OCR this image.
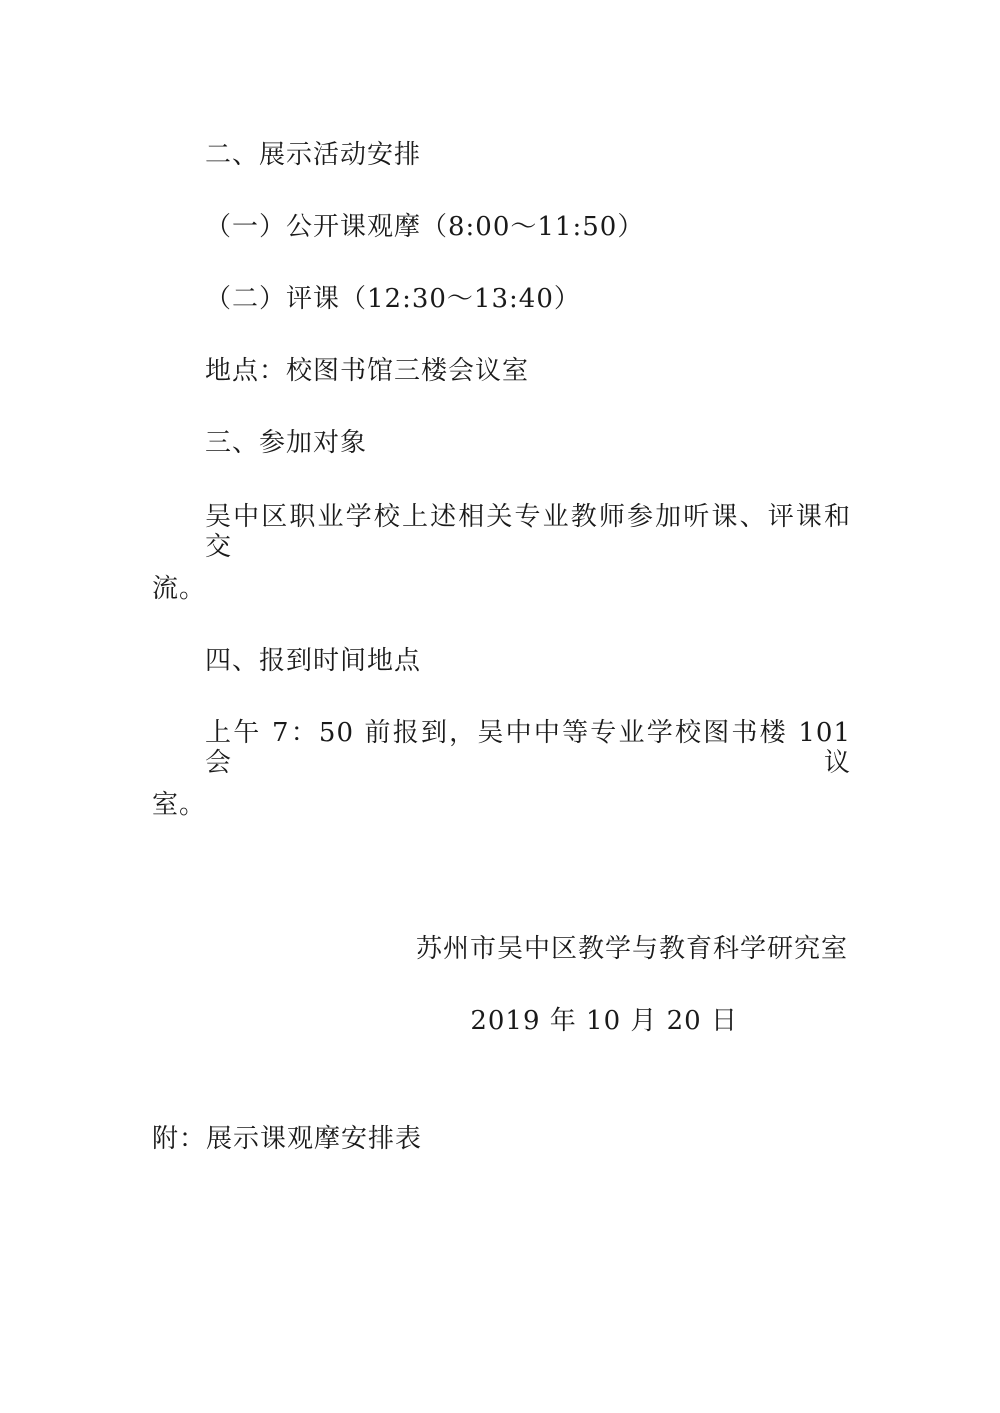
二、展示活动安排

（一）公开课观摩（8:00～11:50）

（二）评课（12:30～13:40）

地点：校图书馆三楼会议室

三、参加对象

吴中区职业学校上述相关专业教师参加听课、评课和交

流。

四、报到时间地点

上午 7：50 前报到，吴中中等专业学校图书楼 101 会议

室。

苏州市吴中区教学与教育科学研究室

2019 年 10 月 20 日

附：展示课观摩安排表
